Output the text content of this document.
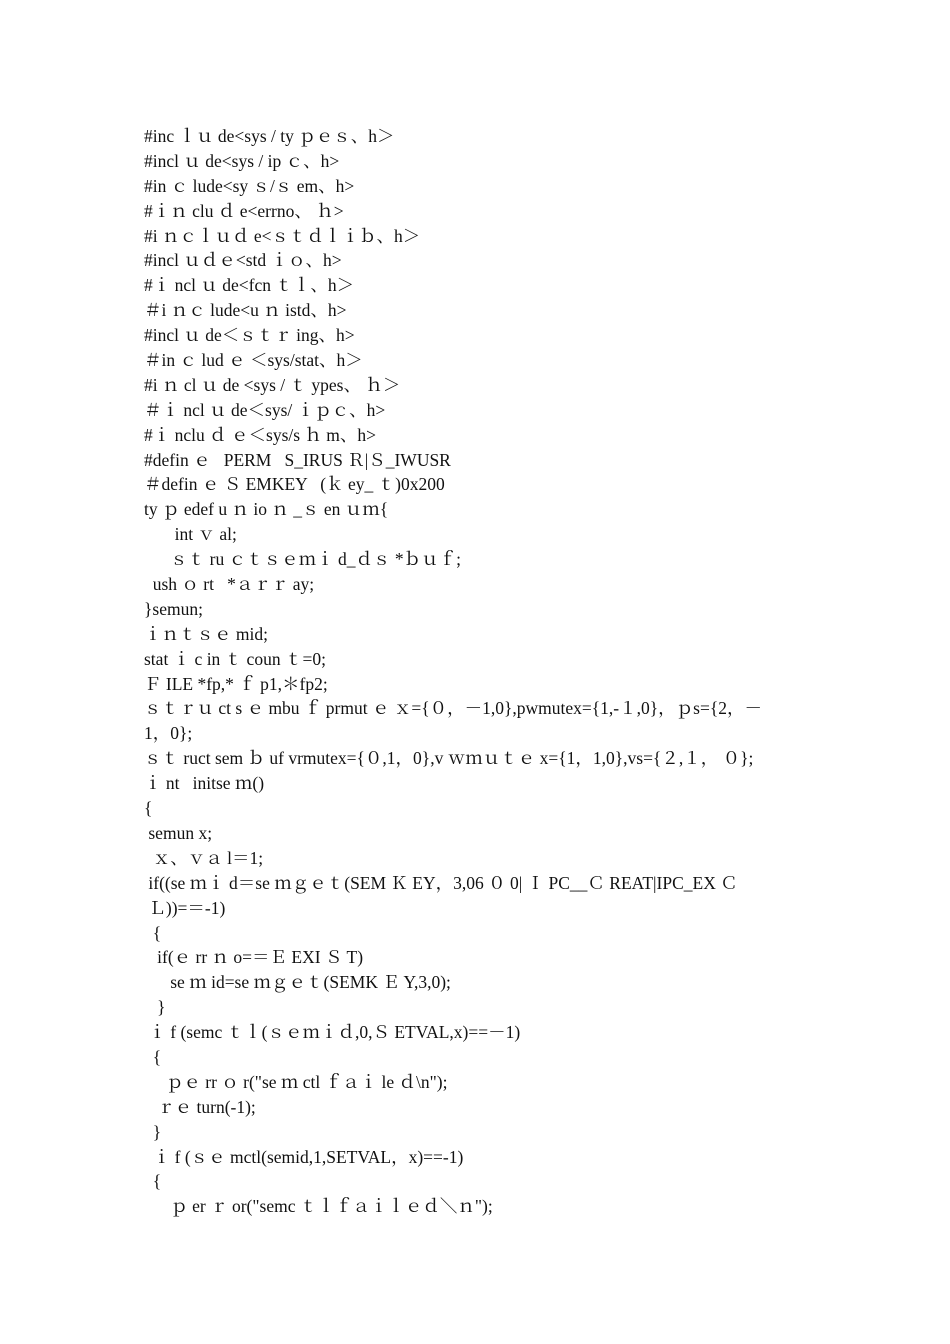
#inc ｌｕ de<sys / ty ｐｅｓ、h＞
#incl ｕ de<sys / ip ｃ、h>
#in ｃ lude<sy ｓ/ｓ em、h>
#ｉｎ clu ｄ e<errno、 ｈ>
#i ｎｃｌｕｄ e<ｓｔｄｌｉｂ、h＞
#incl ｕｄｅ<std ｉｏ、h>
#ｉ ncl ｕ de<fcn ｔｌ、h＞
＃i ｎｃ lude<u ｎ istd、h>
#incl ｕ de＜ｓｔｒ ing、h>
＃in ｃ lud ｅ ＜sys/stat、h＞
#i ｎ cl ｕ de <sys / ｔ ypes、 ｈ＞
＃ｉ ncl ｕ de＜sys/ ｉｐｃ、h>
#ｉ nclu ｄ ｅ＜sys/s ｈ m、h>
#defin ｅ   PERM   S_IRUS Ｒ|Ｓ_IWUSR
＃defin ｅ Ｓ EMKEY   (ｋ ey_ ｔ)0x200
ty ｐ edef u ｎ io ｎ _ｓ en ｕｍ{
int ｖ al;
ｓｔ ru ｃｔｓｅｍｉ d_ｄｓ *ｂｕｆ;
ush ｏ rt   *ａｒｒ ay;
}semun;
ｉｎｔｓｅ mid;
stat ｉ c in ｔ coun ｔ=0;
Ｆ ILE *fp,* ｆ p1,＊fp2;
ｓｔｒｕ ct s ｅ mbu ｆ prmut ｅ ｘ={０，－1,0},pwmutex={1,-１,0}，ｐs={2，－
1，0};
ｓｔ ruct sem ｂ uf vrmutex={０,1，0},v ｗｍｕｔｅ x={1，1,0},vs={２,１， ０};
ｉ nt   initse ｍ()
{
semun x;
ｘ、ｖａ l＝1;
if((se ｍｉ d＝se ｍｇｅｔ(SEM Ｋ EY，3,06 ０ 0| Ｉ PC__Ｃ REAT|IPC_EX Ｃ
Ｌ))=＝-1)
{
if(ｅ rr ｎ o=＝Ｅ EXI Ｓ T)
se ｍ id=se ｍｇｅｔ(SEMK Ｅ Y,3,0);
}
ｉ f (semc ｔｌ(ｓｅｍｉｄ,0,Ｓ ETVAL,x)==－1)
{
ｐｅ rr ｏ r("se ｍ ctl ｆａｉ le ｄ\n");
ｒｅ turn(-1);
}
ｉ f (ｓｅ mctl(semid,1,SETVAL，x)==-1)
{
ｐ er ｒ or("semc ｔｌｆａｉｌｅｄ＼ｎ");
